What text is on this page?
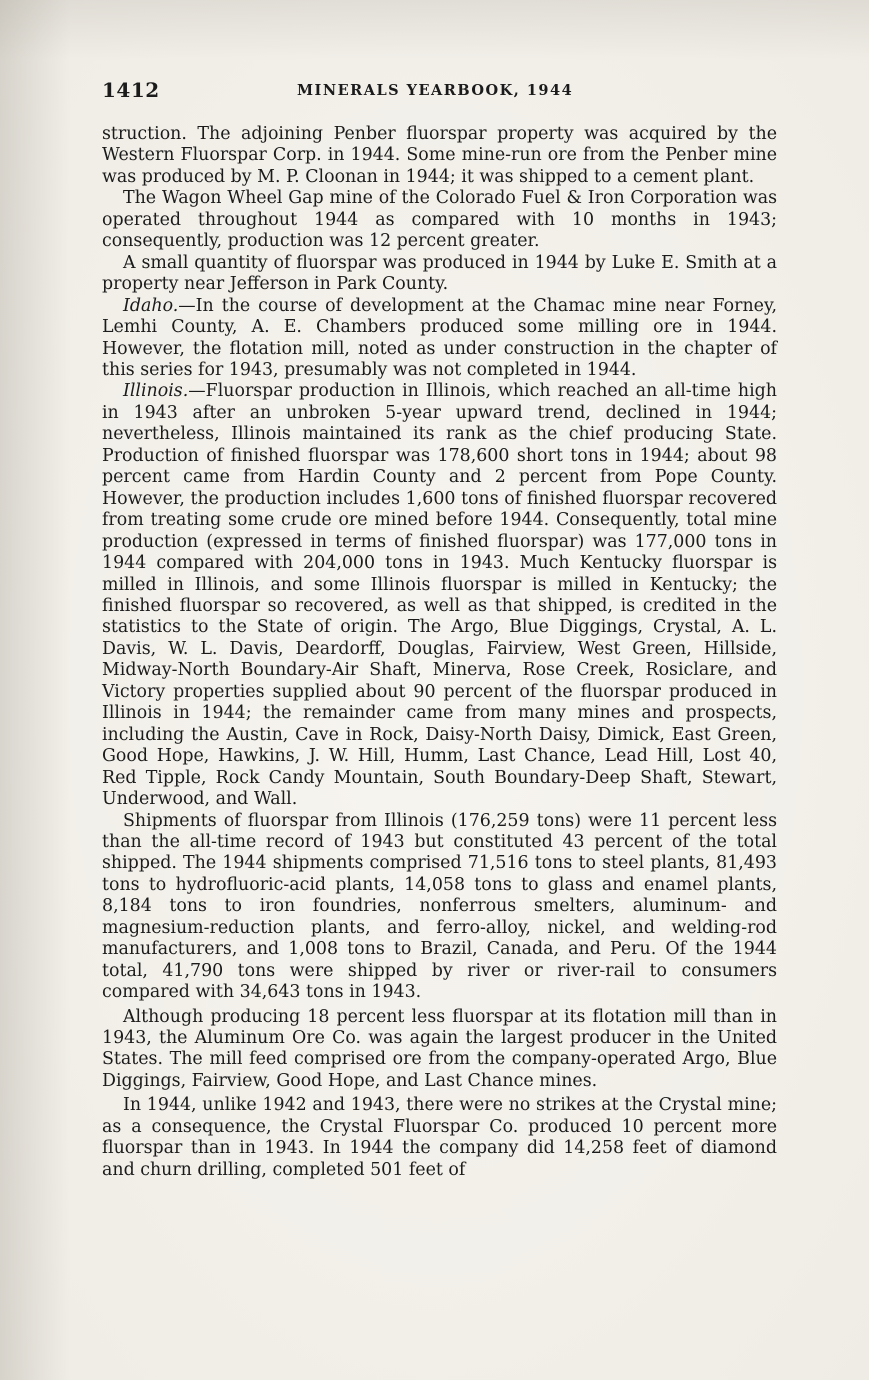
1412	MINERALS YEARBOOK, 1944

struction. The adjoining Penber fluorspar property was acquired by the Western Fluorspar Corp. in 1944. Some mine-run ore from the Penber mine was produced by M. P. Cloonan in 1944; it was shipped to a cement plant.

The Wagon Wheel Gap mine of the Colorado Fuel & Iron Corporation was operated throughout 1944 as compared with 10 months in 1943; consequently, production was 12 percent greater.

A small quantity of fluorspar was produced in 1944 by Luke E. Smith at a property near Jefferson in Park County.

Idaho.—In the course of development at the Chamac mine near Forney, Lemhi County, A. E. Chambers produced some milling ore in 1944. However, the flotation mill, noted as under construction in the chapter of this series for 1943, presumably was not completed in 1944.

Illinois.—Fluorspar production in Illinois, which reached an all-time high in 1943 after an unbroken 5-year upward trend, declined in 1944; nevertheless, Illinois maintained its rank as the chief producing State. Production of finished fluorspar was 178,600 short tons in 1944; about 98 percent came from Hardin County and 2 percent from Pope County. However, the production includes 1,600 tons of finished fluorspar recovered from treating some crude ore mined before 1944. Consequently, total mine production (expressed in terms of finished fluorspar) was 177,000 tons in 1944 compared with 204,000 tons in 1943. Much Kentucky fluorspar is milled in Illinois, and some Illinois fluorspar is milled in Kentucky; the finished fluorspar so recovered, as well as that shipped, is credited in the statistics to the State of origin. The Argo, Blue Diggings, Crystal, A. L. Davis, W. L. Davis, Deardorff, Douglas, Fairview, West Green, Hillside, Midway-North Boundary-Air Shaft, Minerva, Rose Creek, Rosiclare, and Victory properties supplied about 90 percent of the fluorspar produced in Illinois in 1944; the remainder came from many mines and prospects, including the Austin, Cave in Rock, Daisy-North Daisy, Dimick, East Green, Good Hope, Hawkins, J. W. Hill, Humm, Last Chance, Lead Hill, Lost 40, Red Tipple, Rock Candy Mountain, South Boundary-Deep Shaft, Stewart, Underwood, and Wall.

Shipments of fluorspar from Illinois (176,259 tons) were 11 percent less than the all-time record of 1943 but constituted 43 percent of the total shipped. The 1944 shipments comprised 71,516 tons to steel plants, 81,493 tons to hydrofluoric-acid plants, 14,058 tons to glass and enamel plants, 8,184 tons to iron foundries, nonferrous smelters, aluminum- and magnesium-reduction plants, and ferro-alloy, nickel, and welding-rod manufacturers, and 1,008 tons to Brazil, Canada, and Peru. Of the 1944 total, 41,790 tons were shipped by river or river-rail to consumers compared with 34,643 tons in 1943.

Although producing 18 percent less fluorspar at its flotation mill than in 1943, the Aluminum Ore Co. was again the largest producer in the United States. The mill feed comprised ore from the company-operated Argo, Blue Diggings, Fairview, Good Hope, and Last Chance mines.

In 1944, unlike 1942 and 1943, there were no strikes at the Crystal mine; as a consequence, the Crystal Fluorspar Co. produced 10 percent more fluorspar than in 1943. In 1944 the company did 14,258 feet of diamond and churn drilling, completed 501 feet of
